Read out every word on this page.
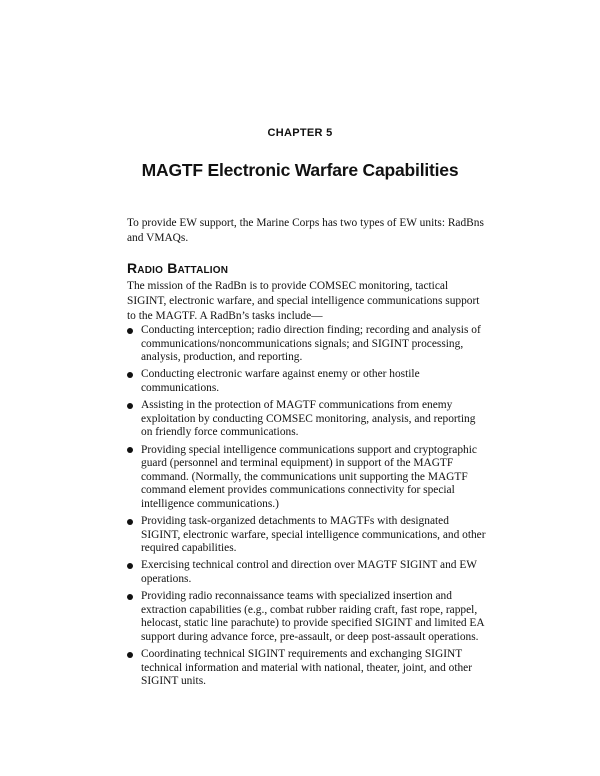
CHAPTER 5
MAGTF Electronic Warfare Capabilities

To provide EW support, the Marine Corps has two types of EW units: RadBns and VMAQs.

Radio Battalion

The mission of the RadBn is to provide COMSEC monitoring, tactical SIGINT, electronic warfare, and special intelligence communications support to the MAGTF. A RadBn’s tasks include—

Conducting interception; radio direction finding; recording and analysis of communications/noncommunications signals; and SIGINT processing, analysis, production, and reporting.
Conducting electronic warfare against enemy or other hostile communications.
Assisting in the protection of MAGTF communications from enemy exploitation by conducting COMSEC monitoring, analysis, and reporting on friendly force communications.
Providing special intelligence communications support and cryptographic guard (personnel and terminal equipment) in support of the MAGTF command. (Normally, the communications unit supporting the MAGTF command element provides communications connectivity for special intelligence communications.)
Providing task-organized detachments to MAGTFs with designated SIGINT, electronic warfare, special intelligence communications, and other required capabilities.
Exercising technical control and direction over MAGTF SIGINT and EW operations.
Providing radio reconnaissance teams with specialized insertion and extraction capabilities (e.g., combat rubber raiding craft, fast rope, rappel, helocast, static line parachute) to provide specified SIGINT and limited EA support during advance force, pre-assault, or deep post-assault operations.
Coordinating technical SIGINT requirements and exchanging SIGINT technical information and material with national, theater, joint, and other SIGINT units.
